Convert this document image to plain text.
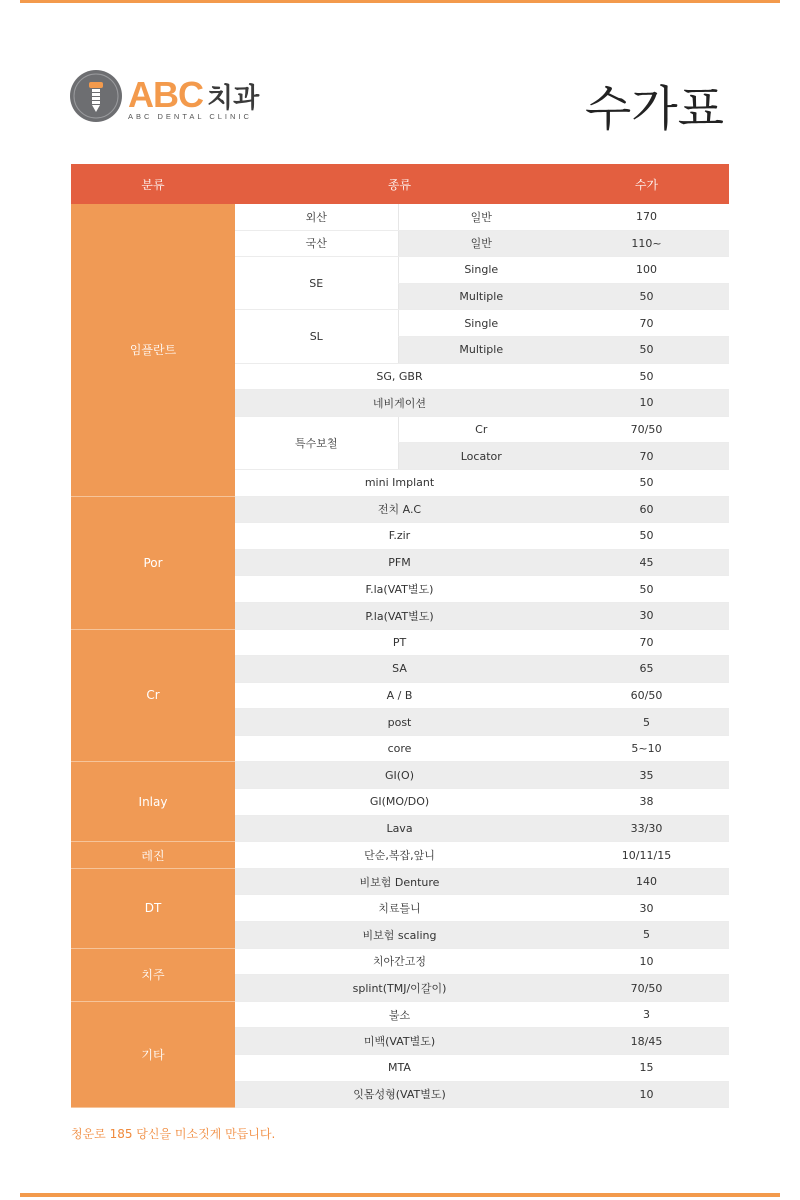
ABC 치과
ABC DENTAL CLINIC	수가표
분류	종류		수가
임플란트	외산	일반	170
	국산	일반	110~
	SE	Single	100
		Multiple	50
	SL	Single	70
		Multiple	50
	SG, GBR		50
	네비게이션		10
	특수보철	Cr	70/50
		Locator	70
	mini Implant		50
Por	전치 A.C		60
	F.zir		50
	PFM		45
	F.la(VAT별도)		50
	P.la(VAT별도)		30
Cr	PT		70
	SA		65
	A / B		60/50
	post		5
	core		5~10
Inlay	GI(O)		35
	GI(MO/DO)		38
	Lava		33/30
레진	단순,복잡,앞니		10/11/15
DT	비보험 Denture		140
	치료틀니		30
	비보험 scaling		5
치주	치아간고정		10
	splint(TMJ/이갈이)		70/50
기타	불소		3
	미백(VAT별도)		18/45
	MTA		15
	잇몸성형(VAT별도)		10
청운로 185 당신을 미소짓게 만듭니다.
